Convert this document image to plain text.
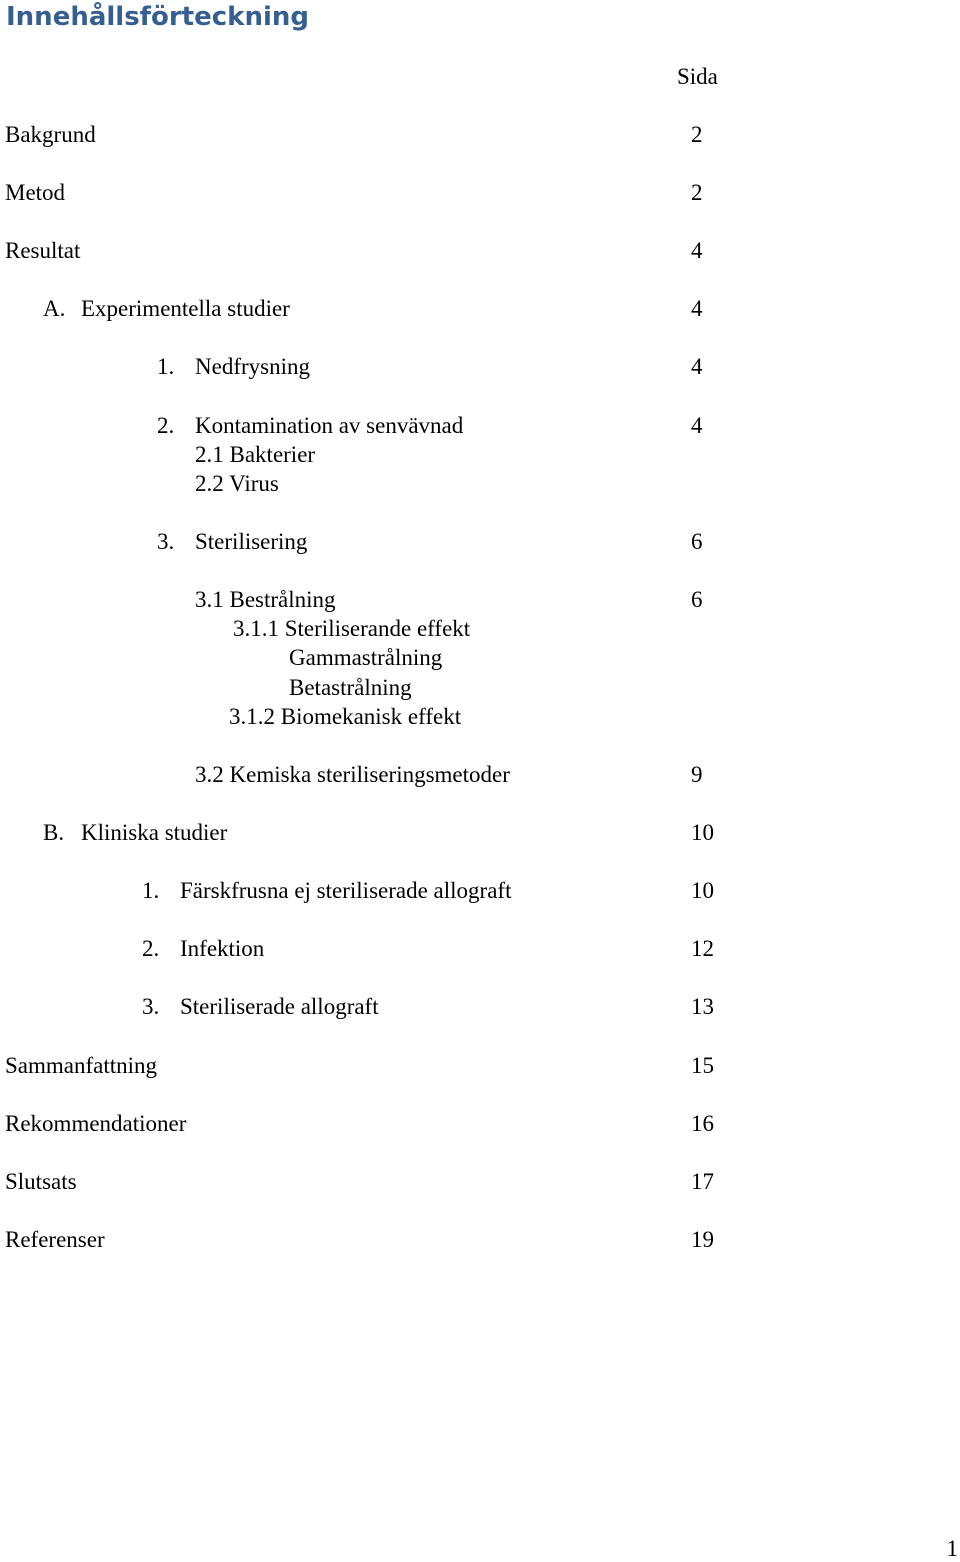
Innehållsförteckning
Sida
Bakgrund	2
Metod	2
Resultat	4
A. Experimentella studier	4
1. Nedfrysning	4
2. Kontamination av senvävnad	4
2.1 Bakterier
2.2 Virus
3. Sterilisering	6
3.1 Bestrålning	6
3.1.1 Steriliserande effekt
Gammastrålning
Betastrålning
3.1.2 Biomekanisk effekt
3.2 Kemiska steriliseringsmetoder	9
B. Kliniska studier	10
1. Färskfrusna ej steriliserade allograft	10
2. Infektion	12
3. Steriliserade allograft	13
Sammanfattning	15
Rekommendationer	16
Slutsats	17
Referenser	19
1
